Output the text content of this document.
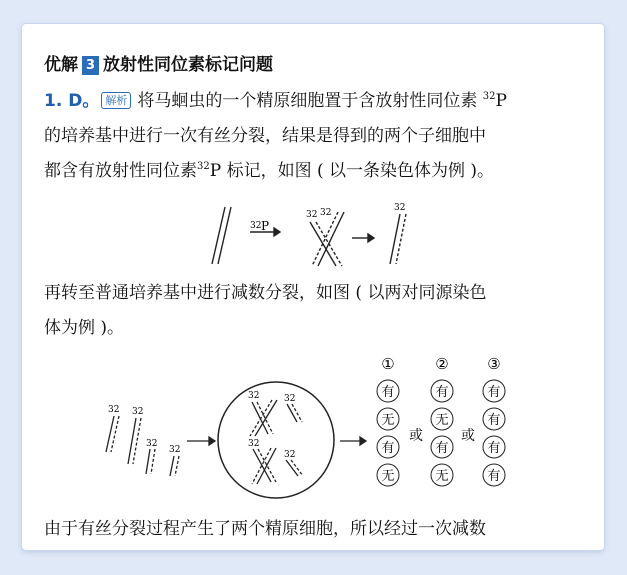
优解 3 放射性同位素标记问题
1. D。 解析 将马蛔虫的一个精原细胞置于含放射性同位素 $^{32}$P
的培养基中进行一次有丝分裂，结果是得到的两个子细胞中
都含有放射性同位素$^{32}$P 标记，如图 ( 以一条染色体为例 )。
32 P
32 32	32
再转至普通培养基中进行减数分裂，如图 ( 以两对同源染色
体为例 )。
32 32
32
32
32	32
32
32
①
有
无
有
无
或
②
有
无
有
无
或
③
有
有
有
有
由于有丝分裂过程产生了两个精原细胞，所以经过一次减数
